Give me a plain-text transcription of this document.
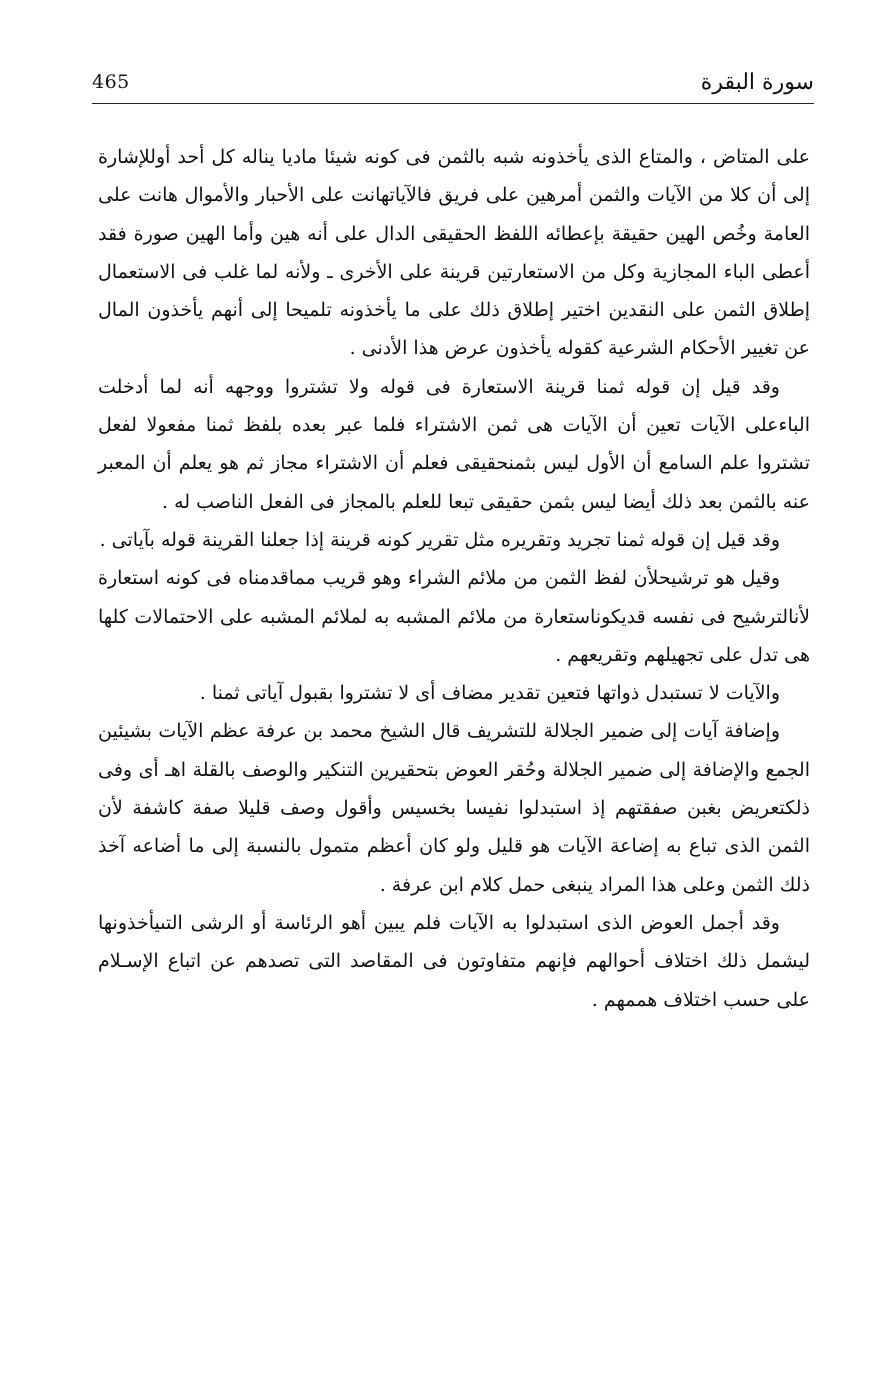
465	سورة البقرة

على المتاض ، والمتاع الذى يأخذونه شبه بالثمن فى كونه شيئا ماديا يناله كل أحد أوللإشارة إلى أن كلا من الآيات والثمن أمرهين على فريق فالآياتهانت على الأحبار والأموال هانت على العامة وخُص الهين حقيقة بإعطائه اللفظ الحقيقى الدال على أنه هين وأما الهين صورة فقد أعطى الباء المجازية وكل من الاستعارتين قرينة على الأخرى ـ ولأنه لما غلب فى الاستعمال إطلاق الثمن على النقدين اختير إطلاق ذلك على ما يأخذونه تلميحا إلى أنهم يأخذون المال عن تغيير الأحكام الشرعية كقوله يأخذون عرض هذا الأدنى .

وقد قيل إن قوله ثمنا قرينة الاستعارة فى قوله ولا تشتروا ووجهه أنه لما أدخلت الباءعلى الآيات تعين أن الآيات هى ثمن الاشتراء فلما عبر بعده بلفظ ثمنا مفعولا لفعل تشتروا علم السامع أن الأول ليس بثمنحقيقى فعلم أن الاشتراء مجاز ثم هو يعلم أن المعبر عنه بالثمن بعد ذلك أيضا ليس بثمن حقيقى تبعا للعلم بالمجاز فى الفعل الناصب له .

وقد قيل إن قوله ثمنا تجريد وتقريره مثل تقرير كونه قرينة إذا جعلنا القرينة قوله بآياتى .

وقيل هو ترشيحلأن لفظ الثمن من ملائم الشراء وهو قريب مماقدمناه فى كونه استعارة لأنالترشيح فى نفسه قديكوناستعارة من ملائم المشبه به لملائم المشبه على الاحتمالات كلها هى تدل على تجهيلهم وتقريعهم .

والآيات لا تستبدل ذواتها فتعين تقدير مضاف أى لا تشتروا بقبول آياتى ثمنا .

وإضافة آيات إلى ضمير الجلالة للتشريف قال الشيخ محمد بن عرفة عظم الآيات بشيئين الجمع والإضافة إلى ضمير الجلالة وحُقر العوض بتحقيرين التنكير والوصف بالقلة اهـ أى وفى ذلكتعريض بغبن صفقتهم إذ استبدلوا نفيسا بخسيس وأقول وصف قليلا صفة كاشفة لأن الثمن الذى تباع به إضاعة الآيات هو قليل ولو كان أعظم متمول بالنسبة إلى ما أضاعه آخذ ذلك الثمن وعلى هذا المراد ينبغى حمل كلام ابن عرفة .

وقد أجمل العوض الذى استبدلوا به الآيات فلم يبين أهو الرئاسة أو الرشى التىيأخذونها ليشمل ذلك اختلاف أحوالهم فإنهم متفاوتون فى المقاصد التى تصدهم عن اتباع الإسـلام على حسب اختلاف هممهم .
